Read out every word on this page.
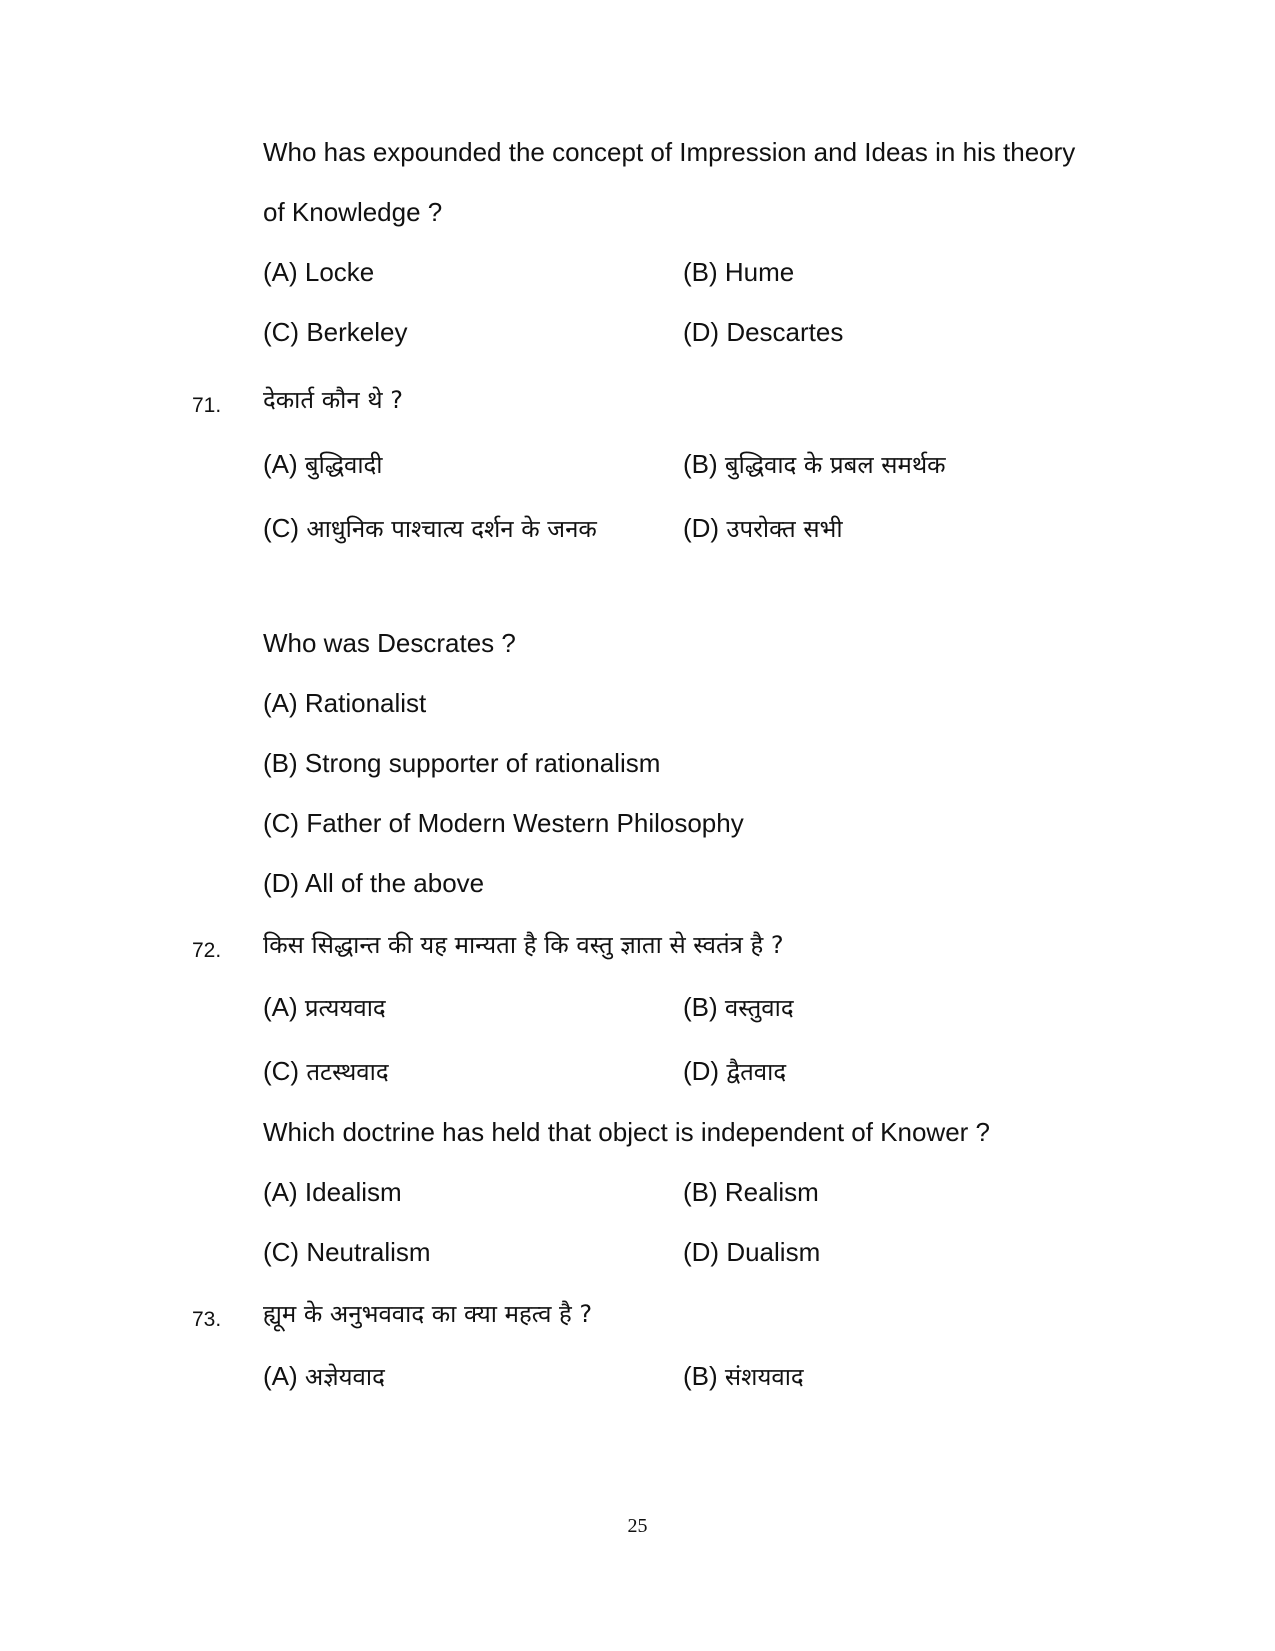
Who has expounded the concept of Impression and Ideas in his theory
of Knowledge ?
(A) Locke	(B) Hume
(C) Berkeley	(D) Descartes
71. देकार्त कौन थे ?
(A) बुद्धिवादी	(B) बुद्धिवाद के प्रबल समर्थक
(C) आधुनिक पाश्चात्य दर्शन के जनक	(D) उपरोक्त सभी
Who was Descrates ?
(A) Rationalist
(B) Strong supporter of rationalism
(C) Father of Modern Western Philosophy
(D) All of the above
72. किस सिद्धान्त की यह मान्यता है कि वस्तु ज्ञाता से स्वतंत्र है ?
(A) प्रत्ययवाद	(B) वस्तुवाद
(C) तटस्थवाद	(D) द्वैतवाद
Which doctrine has held that object is independent of Knower ?
(A) Idealism	(B) Realism
(C) Neutralism	(D) Dualism
73. ह्यूम के अनुभववाद का क्या महत्व है ?
(A) अज्ञेयवाद	(B) संशयवाद
25
